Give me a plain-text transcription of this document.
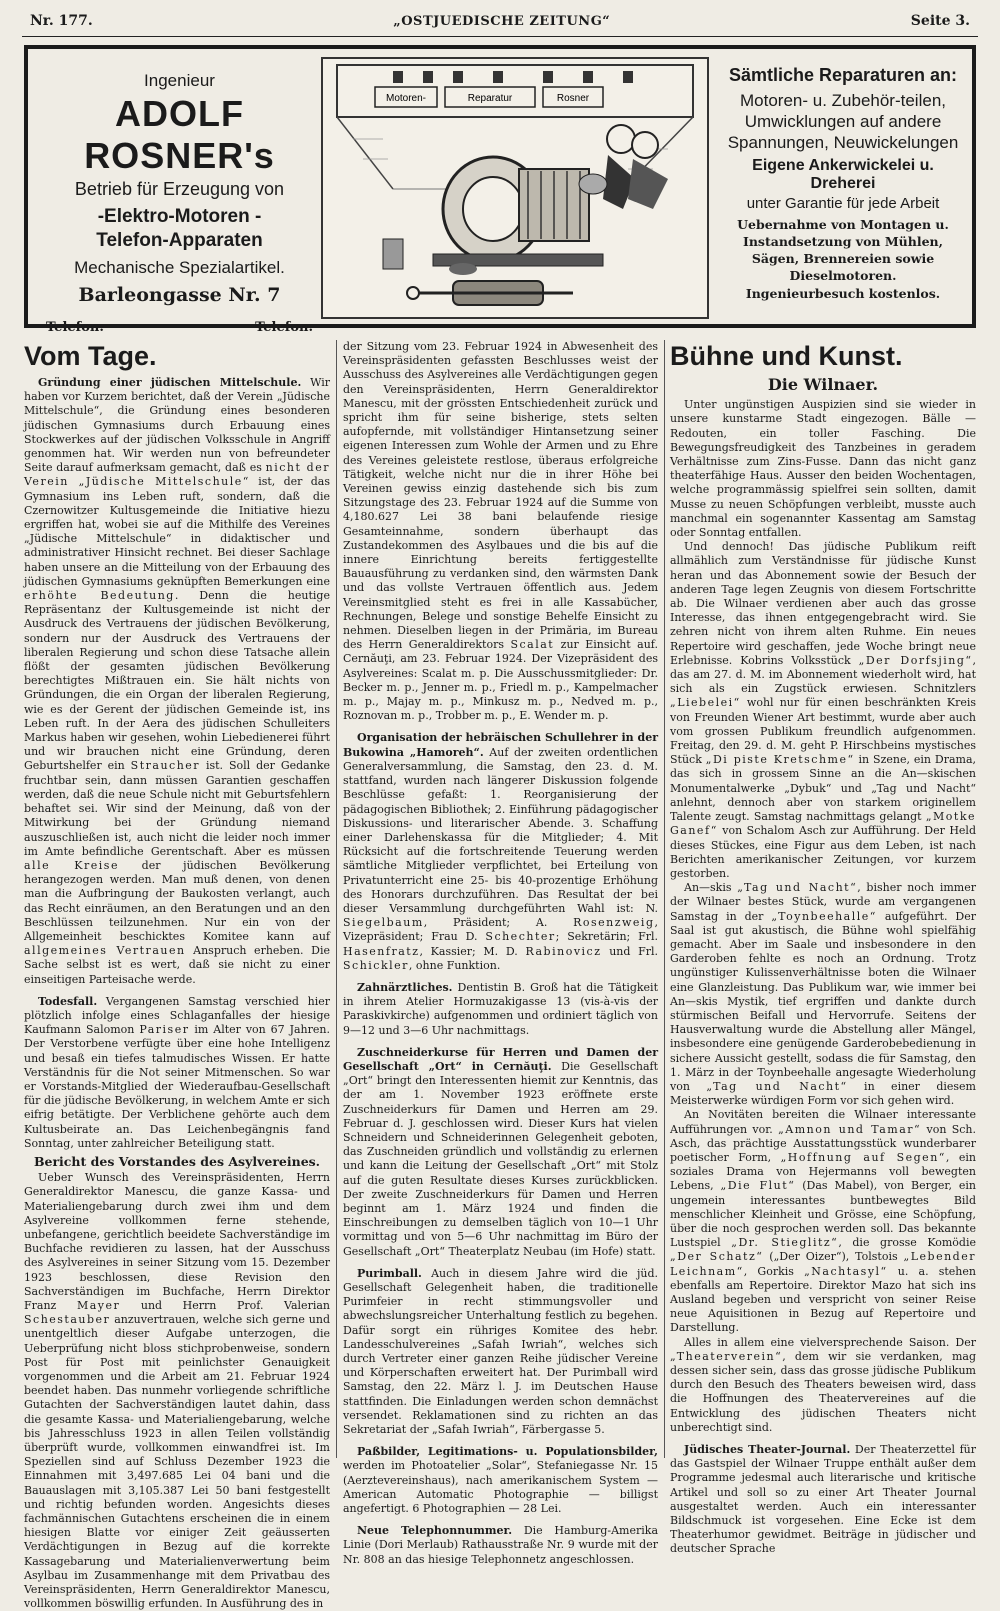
Nr. 177.	„OSTJUEDISCHE ZEITUNG“	Seite 3.
Ingenieur
ADOLF ROSNER's
Betrieb für Erzeugung von
-Elektro-Motoren -
Telefon-Apparaten
Mechanische Spezialartikel.
Barleongasse Nr. 7
Telefon.	Telefon.
Motoren-	Reparatur	Rosner
Sämtliche Reparaturen an:
Motoren- u. Zubehör-teilen, Umwicklungen auf andere Spannungen, Neuwickelungen
Eigene Ankerwickelei u. Dreherei
unter Garantie für jede Arbeit
Uebernahme von Montagen u. Instandsetzung von Mühlen, Sägen, Brennereien sowie Dieselmotoren.
Ingenieurbesuch kostenlos.
Vom Tage.

Gründung einer jüdischen Mittelschule. Wir haben vor Kurzem berichtet, daß der Verein „Jüdische Mittelschule“, die Gründung eines besonderen jüdischen Gymnasiums durch Erbauung eines Stockwerkes auf der jüdischen Volksschule in Angriff genommen hat. Wir werden nun von befreundeter Seite darauf aufmerksam gemacht, daß es nicht der Verein „Jüdische Mittelschule“ ist, der das Gymnasium ins Leben ruft, sondern, daß die Czernowitzer Kultusgemeinde die Initiative hiezu ergriffen hat, wobei sie auf die Mithilfe des Vereines „Jüdische Mittelschule“ in didaktischer und administrativer Hinsicht rechnet. Bei dieser Sachlage haben unsere an die Mitteilung von der Erbauung des jüdischen Gymnasiums geknüpften Bemerkungen eine erhöhte Bedeutung. Denn die heutige Repräsentanz der Kultusgemeinde ist nicht der Ausdruck des Vertrauens der jüdischen Bevölkerung, sondern nur der Ausdruck des Vertrauens der liberalen Regierung und schon diese Tatsache allein flößt der gesamten jüdischen Bevölkerung berechtigtes Mißtrauen ein. Sie hält nichts von Gründungen, die ein Organ der liberalen Regierung, wie es der Gerent der jüdischen Gemeinde ist, ins Leben ruft. In der Aera des jüdischen Schulleiters Markus haben wir gesehen, wohin Liebedienerei führt und wir brauchen nicht eine Gründung, deren Geburtshelfer ein Straucher ist. Soll der Gedanke fruchtbar sein, dann müssen Garantien geschaffen werden, daß die neue Schule nicht mit Geburtsfehlern behaftet sei. Wir sind der Meinung, daß von der Mitwirkung bei der Gründung niemand auszuschließen ist, auch nicht die leider noch immer im Amte befindliche Gerentschaft. Aber es müssen alle Kreise der jüdischen Bevölkerung herangezogen werden. Man muß denen, von denen man die Aufbringung der Baukosten verlangt, auch das Recht einräumen, an den Beratungen und an den Beschlüssen teilzunehmen. Nur ein von der Allgemeinheit beschicktes Komitee kann auf allgemeines Vertrauen Anspruch erheben. Die Sache selbst ist es wert, daß sie nicht zu einer einseitigen Parteisache werde.

Todesfall. Vergangenen Samstag verschied hier plötzlich infolge eines Schlaganfalles der hiesige Kaufmann Salomon Pariser im Alter von 67 Jahren. Der Verstorbene verfügte über eine hohe Intelligenz und besaß ein tiefes talmudisches Wissen. Er hatte Verständnis für die Not seiner Mitmenschen. So war er Vorstands-Mitglied der Wiederaufbau-Gesellschaft für die jüdische Bevölkerung, in welchem Amte er sich eifrig betätigte. Der Verblichene gehörte auch dem Kultusbeirate an. Das Leichenbegängnis fand Sonntag, unter zahlreicher Beteiligung statt.

Bericht des Vorstandes des Asylvereines.

Ueber Wunsch des Vereinspräsidenten, Herrn Generaldirektor Manescu, die ganze Kassa- und Materialiengebarung durch zwei ihm und dem Asylvereine vollkommen ferne stehende, unbefangene, gerichtlich beeidete Sachverständige im Buchfache revidieren zu lassen, hat der Ausschuss des Asylvereines in seiner Sitzung vom 15. Dezember 1923 beschlossen, diese Revision den Sachverständigen im Buchfache, Herrn Direktor Franz Mayer und Herrn Prof. Valerian Schestauber anzuvertrauen, welche sich gerne und unentgeltlich dieser Aufgabe unterzogen, die Ueberprüfung nicht bloss stichprobenweise, sondern Post für Post mit peinlichster Genauigkeit vorgenommen und die Arbeit am 21. Februar 1924 beendet haben. Das nunmehr vorliegende schriftliche Gutachten der Sachverständigen lautet dahin, dass die gesamte Kassa- und Materialiengebarung, welche bis Jahresschluss 1923 in allen Teilen vollständig überprüft wurde, vollkommen einwandfrei ist. Im Speziellen sind auf Schluss Dezember 1923 die Einnahmen mit 3,497.685 Lei 04 bani und die Bauauslagen mit 3,105.387 Lei 50 bani festgestellt und richtig befunden worden. Angesichts dieses fachmännischen Gutachtens erscheinen die in einem hiesigen Blatte vor einiger Zeit geäusserten Verdächtigungen in Bezug auf die korrekte Kassagebarung und Materialienverwertung beim Asylbau im Zusammenhange mit dem Privatbau des Vereinspräsidenten, Herrn Generaldirektor Manescu, vollkommen böswillig erfunden. In Ausführung des in

der Sitzung vom 23. Februar 1924 in Abwesenheit des Vereinspräsidenten gefassten Beschlusses weist der Ausschuss des Asylvereines alle Verdächtigungen gegen den Vereinspräsidenten, Herrn Generaldirektor Manescu, mit der grössten Entschiedenheit zurück und spricht ihm für seine bisherige, stets selten aufopfernde, mit vollständiger Hintansetzung seiner eigenen Interessen zum Wohle der Armen und zu Ehre des Vereines geleistete restlose, überaus erfolgreiche Tätigkeit, welche nicht nur die in ihrer Höhe bei Vereinen gewiss einzig dastehende sich bis zum Sitzungstage des 23. Februar 1924 auf die Summe von 4,180.627 Lei 38 bani belaufende riesige Gesamteinnahme, sondern überhaupt das Zustandekommen des Asylbaues und die bis auf die innere Einrichtung bereits fertiggestellte Bauausführung zu verdanken sind, den wärmsten Dank und das vollste Vertrauen öffentlich aus. Jedem Vereinsmitglied steht es frei in alle Kassabücher, Rechnungen, Belege und sonstige Behelfe Einsicht zu nehmen. Dieselben liegen in der Primăria, im Bureau des Herrn Generaldirektors Scalat zur Einsicht auf. Cernăuţi, am 23. Februar 1924. Der Vizepräsident des Asylvereines: Scalat m. p. Die Ausschussmitglieder: Dr. Becker m. p., Jenner m. p., Friedl m. p., Kampelmacher m. p., Majay m. p., Minkusz m. p., Nedved m. p., Roznovan m. p., Trobber m. p., E. Wender m. p.

Organisation der hebräischen Schullehrer in der Bukowina „Hamoreh“. Auf der zweiten ordentlichen Generalversammlung, die Samstag, den 23. d. M. stattfand, wurden nach längerer Diskussion folgende Beschlüsse gefaßt: 1. Reorganisierung der pädagogischen Bibliothek; 2. Einführung pädagogischer Diskussions- und literarischer Abende. 3. Schaffung einer Darlehenskassa für die Mitglieder; 4. Mit Rücksicht auf die fortschreitende Teuerung werden sämtliche Mitglieder verpflichtet, bei Erteilung von Privatunterricht eine 25- bis 40-prozentige Erhöhung des Honorars durchzuführen. Das Resultat der bei dieser Versammlung durchgeführten Wahl ist: N. Siegelbaum, Präsident; A. Rosenzweig, Vizepräsident; Frau D. Schechter; Sekretärin; Frl. Hasenfratz, Kassier; M. D. Rabinovicz und Frl. Schickler, ohne Funktion.

Zahnärztliches. Dentistin B. Groß hat die Tätigkeit in ihrem Atelier Hormuzakigasse 13 (vis-à-vis der Paraskivkirche) aufgenommen und ordiniert täglich von 9—12 und 3—6 Uhr nachmittags.

Zuschneiderkurse für Herren und Damen der Gesellschaft „Ort“ in Cernăuţi. Die Gesellschaft „Ort“ bringt den Interessenten hiemit zur Kenntnis, das der am 1. November 1923 eröffnete erste Zuschneiderkurs für Damen und Herren am 29. Februar d. J. geschlossen wird. Dieser Kurs hat vielen Schneidern und Schneiderinnen Gelegenheit geboten, das Zuschneiden gründlich und vollständig zu erlernen und kann die Leitung der Gesellschaft „Ort“ mit Stolz auf die guten Resultate dieses Kurses zurückblicken. Der zweite Zuschneiderkurs für Damen und Herren beginnt am 1. März 1924 und finden die Einschreibungen zu demselben täglich von 10—1 Uhr vormittag und von 5—6 Uhr nachmittag im Büro der Gesellschaft „Ort“ Theaterplatz Neubau (im Hofe) statt.

Purimball. Auch in diesem Jahre wird die jüd. Gesellschaft Gelegenheit haben, die traditionelle Purimfeier in recht stimmungsvoller und abwechslungsreicher Unterhaltung festlich zu begehen. Dafür sorgt ein rühriges Komitee des hebr. Landesschulvereines „Safah Iwriah“, welches sich durch Vertreter einer ganzen Reihe jüdischer Vereine und Körperschaften erweitert hat. Der Purimball wird Samstag, den 22. März l. J. im Deutschen Hause stattfinden. Die Einladungen werden schon demnächst versendet. Reklamationen sind zu richten an das Sekretariat der „Safah Iwriah“, Färbergasse 5.

Paßbilder, Legitimations- u. Populationsbilder, werden im Photoatelier „Solar“, Stefaniegasse Nr. 15 (Aerztevereinshaus), nach amerikanischem System — American Automatic Photographie — billigst angefertigt. 6 Photographien — 28 Lei.

Neue Telephonnummer. Die Hamburg-Amerika Linie (Dori Merlaub) Rathausstraße Nr. 9 wurde mit der Nr. 808 an das hiesige Telephonnetz angeschlossen.

Bühne und Kunst.
Die Wilnaer.

Unter ungünstigen Auspizien sind sie wieder in unsere kunstarme Stadt eingezogen. Bälle — Redouten, ein toller Fasching. Die Bewegungsfreudigkeit des Tanzbeines in geradem Verhältnisse zum Zins-Fusse. Dann das nicht ganz theaterfähige Haus. Ausser den beiden Wochentagen, welche programmässig spielfrei sein sollten, damit Musse zu neuen Schöpfungen verbleibt, musste auch manchmal ein sogenannter Kassentag am Samstag oder Sonntag entfallen.

Und dennoch! Das jüdische Publikum reift allmählich zum Verständnisse für jüdische Kunst heran und das Abonnement sowie der Besuch der anderen Tage legen Zeugnis von diesem Fortschritte ab. Die Wilnaer verdienen aber auch das grosse Interesse, das ihnen entgegengebracht wird. Sie zehren nicht von ihrem alten Ruhme. Ein neues Repertoire wird geschaffen, jede Woche bringt neue Erlebnisse. Kobrins Volksstück „Der Dorfsjing“, das am 27. d. M. im Abonnement wiederholt wird, hat sich als ein Zugstück erwiesen. Schnitzlers „Liebelei“ wohl nur für einen beschränkten Kreis von Freunden Wiener Art bestimmt, wurde aber auch vom grossen Publikum freundlich aufgenommen. Freitag, den 29. d. M. geht P. Hirschbeins mystisches Stück „Di piste Kretschme“ in Szene, ein Drama, das sich in grossem Sinne an die An—skischen Monumentalwerke „Dybuk“ und „Tag und Nacht“ anlehnt, dennoch aber von starkem originellem Talente zeugt. Samstag nachmittags gelangt „Motke Ganef“ von Schalom Asch zur Aufführung. Der Held dieses Stückes, eine Figur aus dem Leben, ist nach Berichten amerikanischer Zeitungen, vor kurzem gestorben.

An—skis „Tag und Nacht“, bisher noch immer der Wilnaer bestes Stück, wurde am vergangenen Samstag in der „Toynbeehalle“ aufgeführt. Der Saal ist gut akustisch, die Bühne wohl spielfähig gemacht. Aber im Saale und insbesondere in den Garderoben fehlte es noch an Ordnung. Trotz ungünstiger Kulissenverhältnisse boten die Wilnaer eine Glanzleistung. Das Publikum war, wie immer bei An—skis Mystik, tief ergriffen und dankte durch stürmischen Beifall und Hervorrufe. Seitens der Hausverwaltung wurde die Abstellung aller Mängel, insbesondere eine genügende Garderobebedienung in sichere Aussicht gestellt, sodass die für Samstag, den 1. März in der Toynbeehalle angesagte Wiederholung von „Tag und Nacht“ in einer diesem Meisterwerke würdigen Form vor sich gehen wird.

An Novitäten bereiten die Wilnaer interessante Aufführungen vor. „Amnon und Tamar“ von Sch. Asch, das prächtige Ausstattungsstück wunderbarer poetischer Form, „Hoffnung auf Segen“, ein soziales Drama von Hejermanns voll bewegten Lebens, „Die Flut“ (Das Mabel), von Berger, ein ungemein interessantes buntbewegtes Bild menschlicher Kleinheit und Grösse, eine Schöpfung, über die noch gesprochen werden soll. Das bekannte Lustspiel „Dr. Stieglitz“, die grosse Komödie „Der Schatz“ („Der Oizer“), Tolstois „Lebender Leichnam“, Gorkis „Nachtasyl“ u. a. stehen ebenfalls am Repertoire. Direktor Mazo hat sich ins Ausland begeben und verspricht von seiner Reise neue Aquisitionen in Bezug auf Repertoire und Darstellung.

Alles in allem eine vielversprechende Saison. Der „Theaterverein“, dem wir sie verdanken, mag dessen sicher sein, dass das grosse jüdische Publikum durch den Besuch des Theaters beweisen wird, dass die Hoffnungen des Theatervereines auf die Entwicklung des jüdischen Theaters nicht unberechtigt sind.

Jüdisches Theater-Journal. Der Theaterzettel für das Gastspiel der Wilnaer Truppe enthält außer dem Programme jedesmal auch literarische und kritische Artikel und soll so zu einer Art Theater Journal ausgestaltet werden. Auch ein interessanter Bildschmuck ist vorgesehen. Eine Ecke ist dem Theaterhumor gewidmet. Beiträge in jüdischer und deutscher Sprache
